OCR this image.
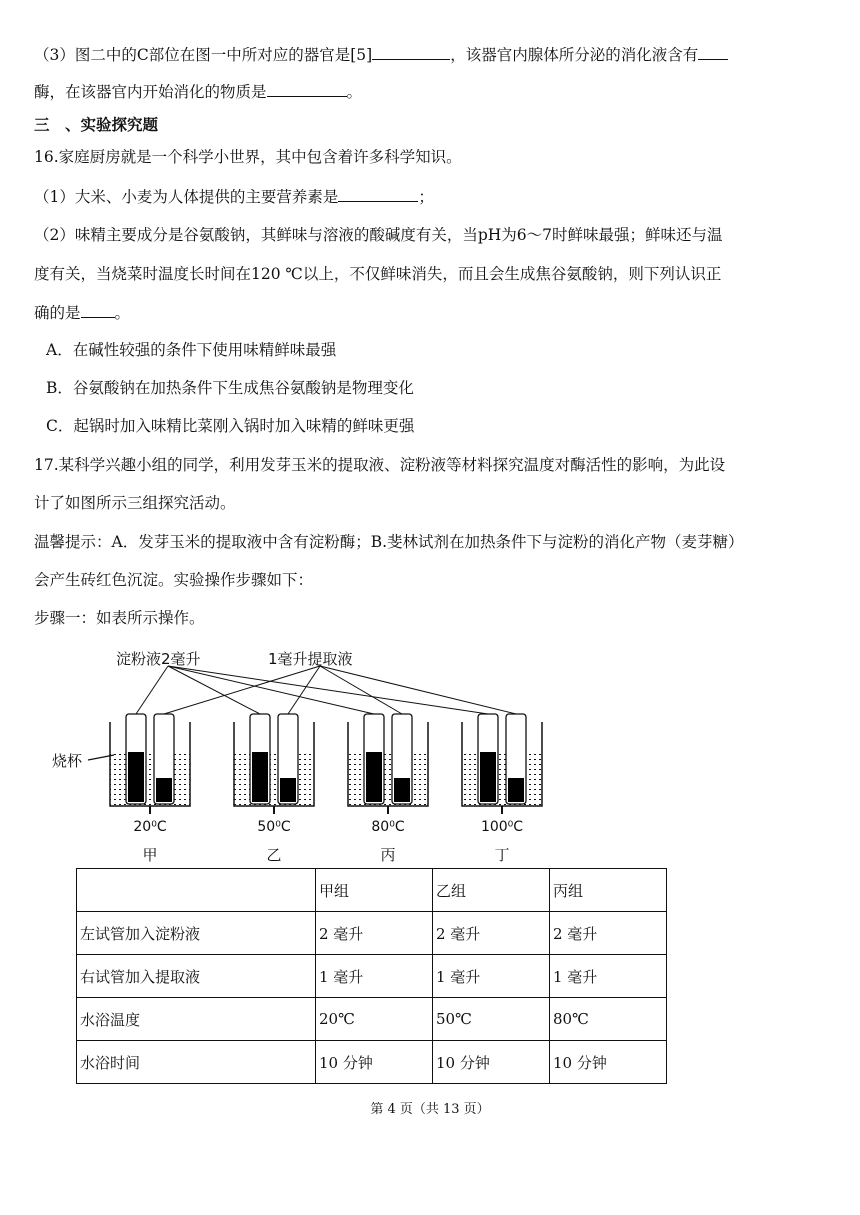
（3）图二中的C部位在图一中所对应的器官是[5]	，该器官内腺体所分泌的消化液含有
酶，在该器官内开始消化的物质是	。
三　、实验探究题
16.家庭厨房就是一个科学小世界，其中包含着许多科学知识。
（1）大米、小麦为人体提供的主要营养素是	；
（2）味精主要成分是谷氨酸钠，其鲜味与溶液的酸碱度有关，当pH为6～7时鲜味最强；鲜味还与温
度有关，当烧菜时温度长时间在120 ℃以上，不仅鲜味消失，而且会生成焦谷氨酸钠，则下列认识正
确的是 。
A．在碱性较强的条件下使用味精鲜味最强
B．谷氨酸钠在加热条件下生成焦谷氨酸钠是物理变化
C．起锅时加入味精比菜刚入锅时加入味精的鲜味更强
17.某科学兴趣小组的同学，利用发芽玉米的提取液、淀粉液等材料探究温度对酶活性的影响，为此设
计了如图所示三组探究活动。
温馨提示：A．发芽玉米的提取液中含有淀粉酶；B.斐林试剂在加热条件下与淀粉的消化产物（麦芽糖）
会产生砖红色沉淀。实验操作步骤如下：
步骤一：如表所示操作。
淀粉液2毫升	1毫升提取液
烧杯
20⁰C	50⁰C	80⁰C	100⁰C
甲	乙	丙	丁
	甲组	乙组	丙组
左试管加入淀粉液	2 毫升	2 毫升	2 毫升
右试管加入提取液	1 毫升	1 毫升	1 毫升
水浴温度	20℃	50℃	80℃
水浴时间	10 分钟	10 分钟	10 分钟
第 4 页（共 13 页）
